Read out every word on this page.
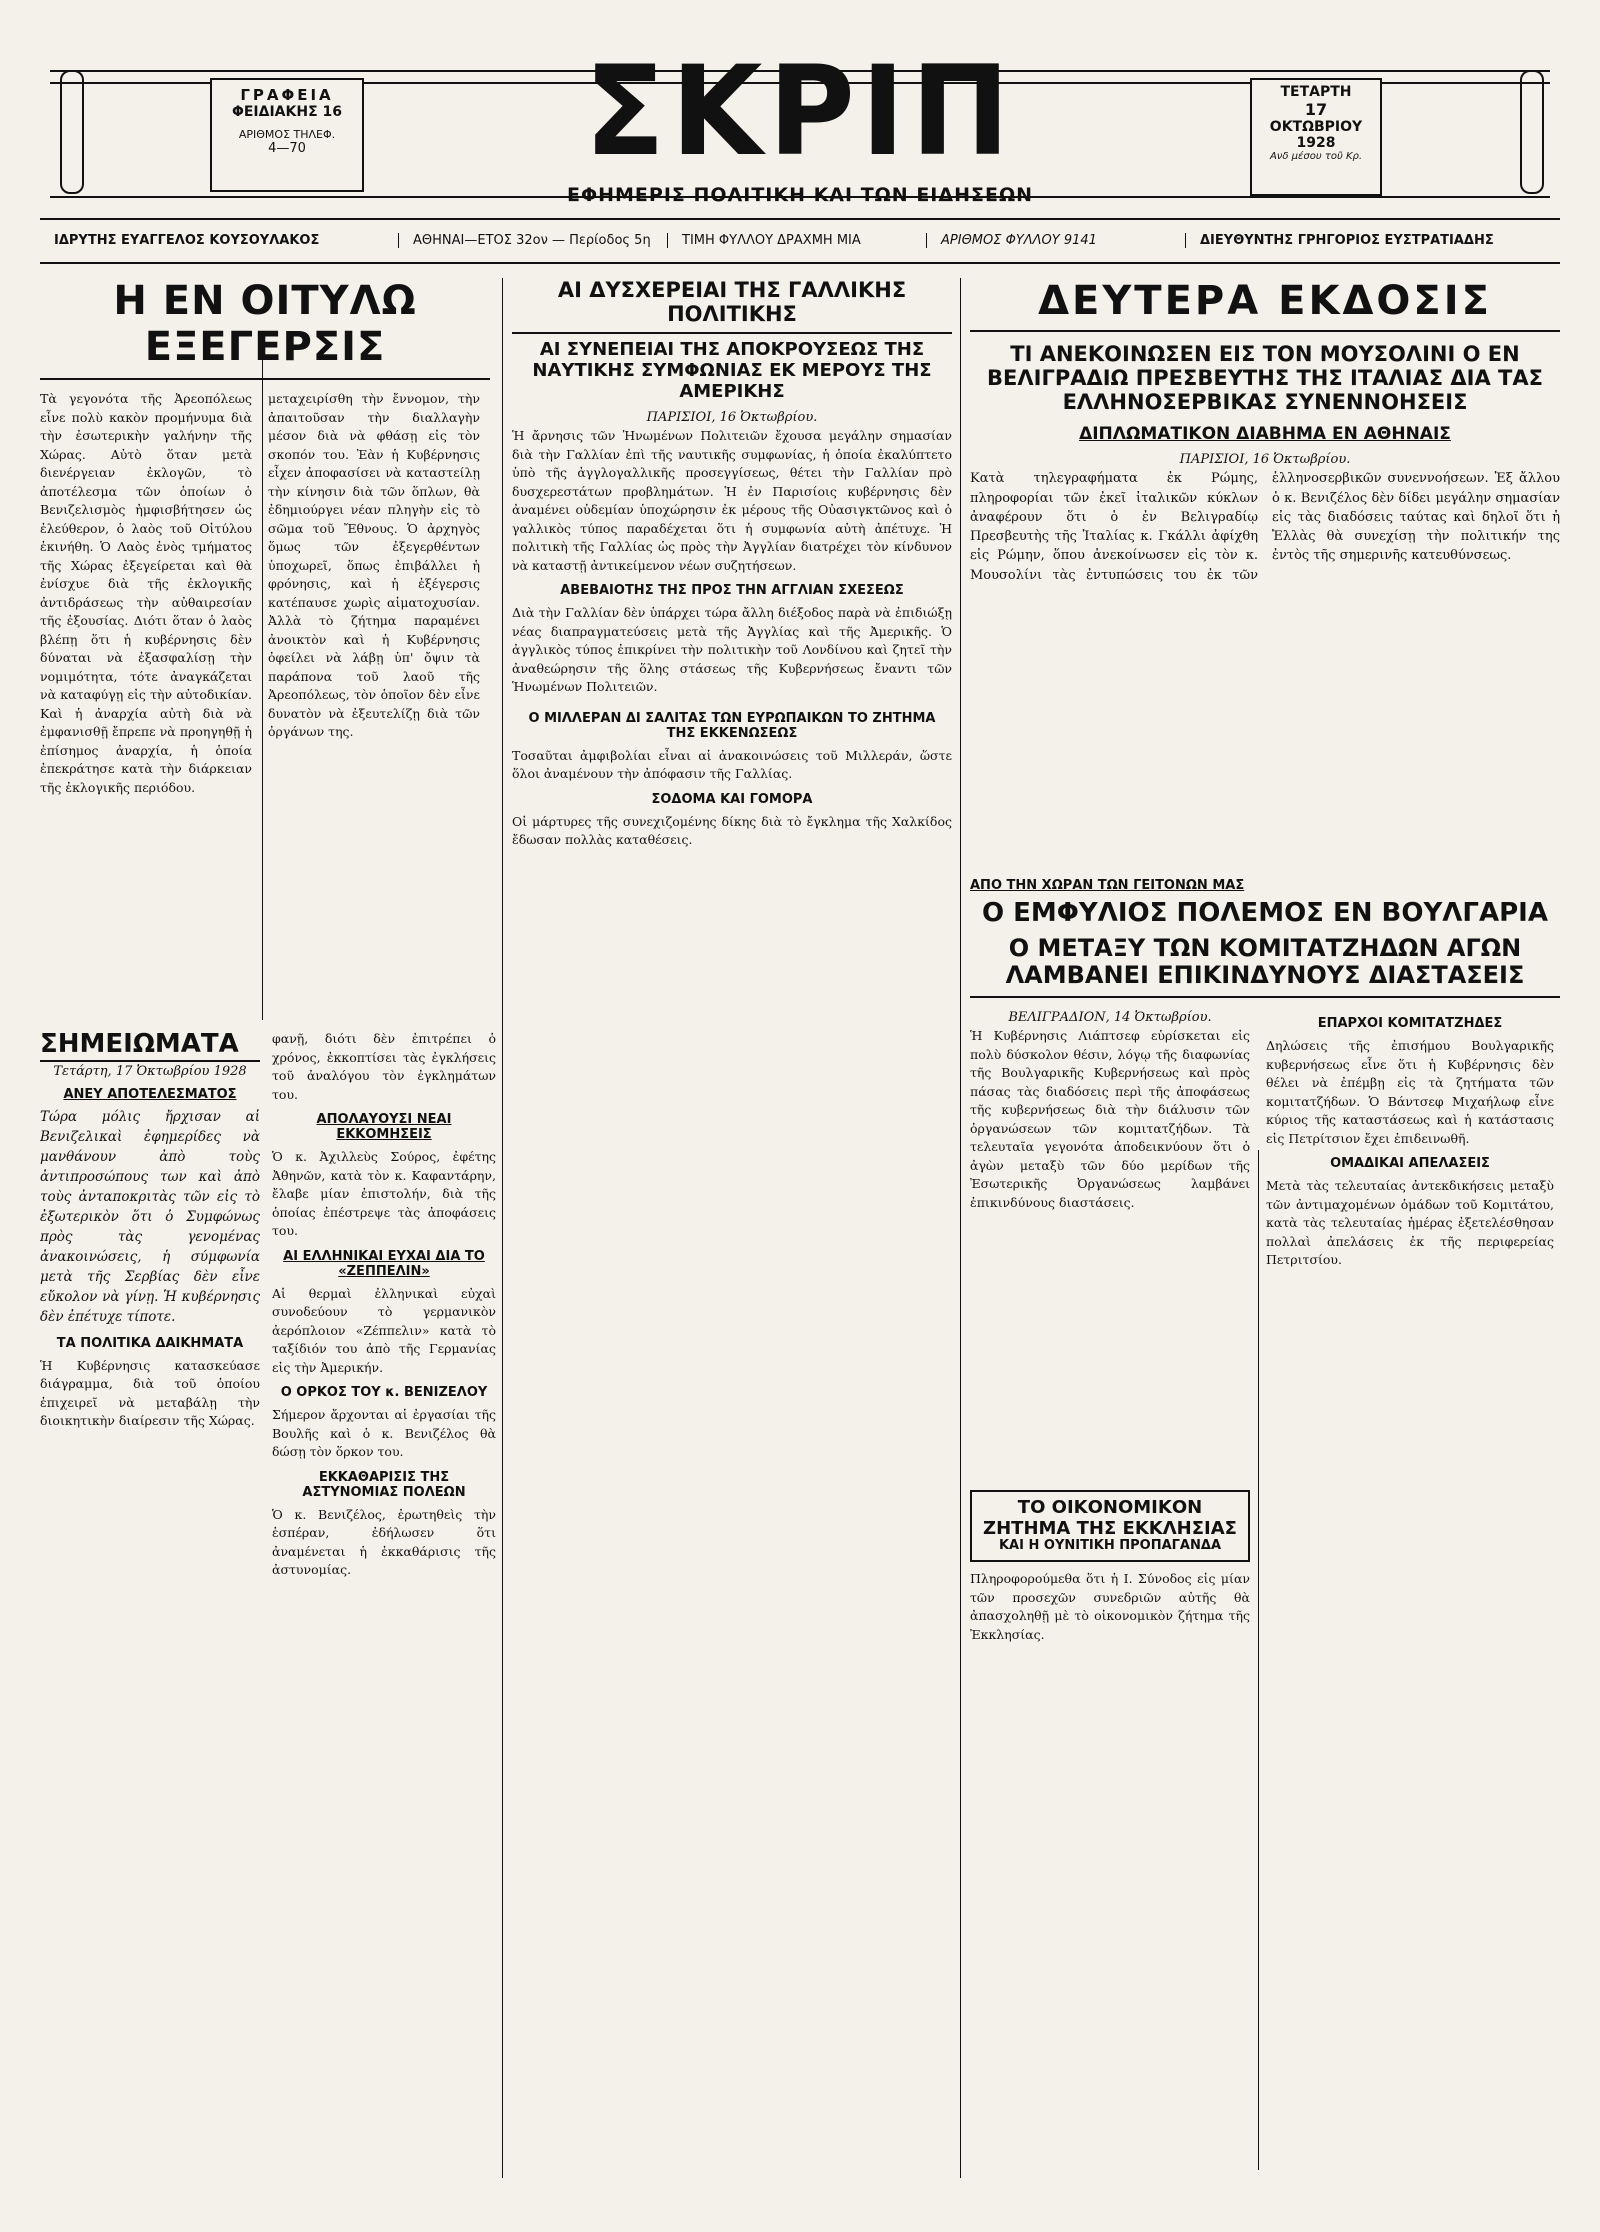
ΓΡΑΦΕΙΑ
ΦΕΙΔΙΑΚΗΣ 16
ΑΡΙΘΜΟΣ ΤΗΛΕΦ.
4—70	ΣΚΡΙΠ
ΕΦΗΜΕΡΙΣ ΠΟΛΙΤΙΚΗ ΚΑΙ ΤΩΝ ΕΙΔΗΣΕΩΝ
ΤΕΤΑΡΤΗ
17
ΟΚΤΩΒΡΙΟΥ
1928
Ανδ μέσου τοῦ Κρ.
ΙΔΡΥΤΗΣ ΕΥΑΓΓΕΛΟΣ ΚΟΥΣΟΥΛΑΚΟΣ	ΑΘΗΝΑΙ—ΕΤΟΣ 32ον — Περίοδος 5η	ΤΙΜΗ ΦΥΛΛΟΥ ΔΡΑΧΜΗ ΜΙΑ	ΑΡΙΘΜΟΣ ΦΥΛΛΟΥ 9141	ΔΙΕΥΘΥΝΤΗΣ ΓΡΗΓΟΡΙΟΣ ΕΥΣΤΡΑΤΙΑΔΗΣ
Η ΕΝ ΟΙΤΥΛΩ ΕΞΕΓΕΡΣΙΣ

Τὰ γεγονότα τῆς Ἀρεοπόλεως εἶνε πολὺ κακὸν προμήνυμα διὰ τὴν ἐσωτερικὴν γαλήνην τῆς Χώρας. Αὐτὸ ὅταν μετὰ διενέργειαν ἐκλογῶν, τὸ ἀποτέλεσμα τῶν ὁποίων ὁ Βενιζελισμὸς ἠμφισβήτησεν ὡς ἐλεύθερον, ὁ λαὸς τοῦ Οἰτύλου ἐκινήθη. Ὁ Λαὸς ἐνὸς τμήματος τῆς Χώρας ἐξεγείρεται καὶ θὰ ἐνίσχυε διὰ τῆς ἐκλογικῆς ἀντιδράσεως τὴν αὐθαιρεσίαν τῆς ἐξουσίας. Διότι ὅταν ὁ λαὸς βλέπῃ ὅτι ἡ κυβέρνησις δὲν δύναται νὰ ἐξασφαλίσῃ τὴν νομιμότητα, τότε ἀναγκάζεται νὰ καταφύγῃ εἰς τὴν αὐτοδικίαν. Καὶ ἡ ἀναρχία αὐτὴ διὰ νὰ ἐμφανισθῇ ἔπρεπε νὰ προηγηθῇ ἡ ἐπίσημος ἀναρχία, ἡ ὁποία ἐπεκράτησε κατὰ τὴν διάρκειαν τῆς ἐκλογικῆς περιόδου.

μεταχειρίσθη τὴν ἔννομον, τὴν ἀπαιτοῦσαν τὴν διαλλαγὴν μέσον διὰ νὰ φθάσῃ εἰς τὸν σκοπόν του. Ἐὰν ἡ Κυβέρνησις εἶχεν ἀποφασίσει νὰ καταστείλῃ τὴν κίνησιν διὰ τῶν ὅπλων, θὰ ἐδημιούργει νέαν πληγὴν εἰς τὸ σῶμα τοῦ Ἔθνους. Ὁ ἀρχηγὸς ὅμως τῶν ἐξεγερθέντων ὑποχωρεῖ, ὅπως ἐπιβάλλει ἡ φρόνησις, καὶ ἡ ἐξέγερσις κατέπαυσε χωρὶς αἱματοχυσίαν. Ἀλλὰ τὸ ζήτημα παραμένει ἀνοικτὸν καὶ ἡ Κυβέρνησις ὀφείλει νὰ λάβῃ ὑπ' ὄψιν τὰ παράπονα τοῦ λαοῦ τῆς Ἀρεοπόλεως, τὸν ὁποῖον δὲν εἶνε δυνατὸν νὰ ἐξευτελίζῃ διὰ τῶν ὀργάνων της.

ΣΗΜΕΙΩΜΑΤΑ
Τετάρτη, 17 Ὀκτωβρίου 1928
ΑΝΕΥ ΑΠΟΤΕΛΕΣΜΑΤΟΣ

Τώρα μόλις ἤρχισαν αἱ Βενιζελικαὶ ἐφημερίδες νὰ μανθάνουν ἀπὸ τοὺς ἀντιπροσώπους των καὶ ἀπὸ τοὺς ἀνταποκριτὰς τῶν εἰς τὸ ἐξωτερικὸν ὅτι ὁ Συμφώνως πρὸς τὰς γενομένας ἀνακοινώσεις, ἡ σύμφωνία μετὰ τῆς Σερβίας δὲν εἶνε εὔκολον νὰ γίνῃ. Ἡ κυβέρνησις δὲν ἐπέτυχε τίποτε.

ΤΑ ΠΟΛΙΤΙΚΑ ΔΑΙΚΗΜΑΤΑ

Ἡ Κυβέρνησις κατασκεύασε διάγραμμα, διὰ τοῦ ὁποίου ἐπιχειρεῖ νὰ μεταβάλῃ τὴν διοικητικὴν διαίρεσιν τῆς Χώρας.

φανῇ, διότι δὲν ἐπιτρέπει ὁ χρόνος, ἐκκοπτίσει τὰς ἐγκλήσεις τοῦ ἀναλόγου τὸν ἐγκλημάτων του.

ΑΠΟΛΑΥΟΥΣΙ ΝΕΑΙ ΕΚΚΟΜΗΣΕΙΣ

Ὁ κ. Ἀχιλλεὺς Σούρος, ἐφέτης Ἀθηνῶν, κατὰ τὸν κ. Καφαντάρην, ἔλαβε μίαν ἐπιστολήν, διὰ τῆς ὁποίας ἐπέστρεψε τὰς ἀποφάσεις του.

ΑΙ ΕΛΛΗΝΙΚΑΙ ΕΥΧΑΙ ΔΙΑ ΤΟ «ΖΕΠΠΕΛΙΝ»

Αἱ θερμαὶ ἐλληνικαὶ εὐχαὶ συνοδεύουν τὸ γερμανικὸν ἀερόπλοιον «Ζέππελιν» κατὰ τὸ ταξίδιόν του ἀπὸ τῆς Γερμανίας εἰς τὴν Ἀμερικήν.

Ο ΟΡΚΟΣ ΤΟΥ κ. ΒΕΝΙΖΕΛΟΥ

Σήμερον ἄρχονται αἱ ἐργασίαι τῆς Βουλῆς καὶ ὁ κ. Βενιζέλος θὰ δώσῃ τὸν ὅρκον του.

ΕΚΚΑΘΑΡΙΣΙΣ ΤΗΣ ΑΣΤΥΝΟΜΙΑΣ ΠΟΛΕΩΝ

Ὁ κ. Βενιζέλος, ἐρωτηθεὶς τὴν ἑσπέραν, ἐδήλωσεν ὅτι ἀναμένεται ἡ ἐκκαθάρισις τῆς ἀστυνομίας.

ΑΙ ΔΥΣΧΕΡΕΙΑΙ ΤΗΣ ΓΑΛΛΙΚΗΣ ΠΟΛΙΤΙΚΗΣ
ΑΙ ΣΥΝΕΠΕΙΑΙ ΤΗΣ ΑΠΟΚΡΟΥΣΕΩΣ ΤΗΣ ΝΑΥΤΙΚΗΣ ΣΥΜΦΩΝΙΑΣ ΕΚ ΜΕΡΟΥΣ ΤΗΣ ΑΜΕΡΙΚΗΣ
ΠΑΡΙΣΙΟΙ, 16 Ὀκτωβρίου.

Ἡ ἄρνησις τῶν Ἡνωμένων Πολιτειῶν ἔχουσα μεγάλην σημασίαν διὰ τὴν Γαλλίαν ἐπὶ τῆς ναυτικῆς συμφωνίας, ἡ ὁποία ἐκαλύπτετο ὑπὸ τῆς ἀγγλογαλλικῆς προσεγγίσεως, θέτει τὴν Γαλλίαν πρὸ δυσχερεστάτων προβλημάτων. Ἡ ἐν Παρισίοις κυβέρνησις δὲν ἀναμένει οὐδεμίαν ὑποχώρησιν ἐκ μέρους τῆς Οὐασιγκτῶνος καὶ ὁ γαλλικὸς τύπος παραδέχεται ὅτι ἡ συμφωνία αὐτὴ ἀπέτυχε. Ἡ πολιτικὴ τῆς Γαλλίας ὡς πρὸς τὴν Ἀγγλίαν διατρέχει τὸν κίνδυνον νὰ καταστῇ ἀντικείμενον νέων συζητήσεων.

ΑΒΕΒΑΙΟΤΗΣ ΤΗΣ ΠΡΟΣ ΤΗΝ ΑΓΓΛΙΑΝ ΣΧΕΣΕΩΣ

Διὰ τὴν Γαλλίαν δὲν ὑπάρχει τώρα ἄλλη διέξοδος παρὰ νὰ ἐπιδιώξῃ νέας διαπραγματεύσεις μετὰ τῆς Ἀγγλίας καὶ τῆς Ἀμερικῆς. Ὁ ἀγγλικὸς τύπος ἐπικρίνει τὴν πολιτικὴν τοῦ Λονδίνου καὶ ζητεῖ τὴν ἀναθεώρησιν τῆς ὅλης στάσεως τῆς Κυβερνήσεως ἔναντι τῶν Ἡνωμένων Πολιτειῶν.

Ο ΜΙΛΛΕΡΑΝ ΔΙ ΣΑΛΙΤΑΣ ΤΩΝ ΕΥΡΩΠΑΙΚΩΝ ΤΟ ΖΗΤΗΜΑ ΤΗΣ ΕΚΚΕΝΩΣΕΩΣ

Τοσαῦται ἀμφιβολίαι εἶναι αἱ ἀνακοινώσεις τοῦ Μιλλεράν, ὥστε ὅλοι ἀναμένουν τὴν ἀπόφασιν τῆς Γαλλίας.

ΣΟΔΟΜΑ ΚΑΙ ΓΟΜΟΡΑ

Οἱ μάρτυρες τῆς συνεχιζομένης δίκης διὰ τὸ ἔγκλημα τῆς Χαλκίδος ἔδωσαν πολλὰς καταθέσεις.

ΔΕΥΤΕΡΑ ΕΚΔΟΣΙΣ
ΤΙ ΑΝΕΚΟΙΝΩΣΕΝ ΕΙΣ ΤΟΝ ΜΟΥΣΟΛΙΝΙ Ο ΕΝ ΒΕΛΙΓΡΑΔΙΩ ΠΡΕΣΒΕΥΤΗΣ ΤΗΣ ΙΤΑΛΙΑΣ ΔΙΑ ΤΑΣ ΕΛΛΗΝΟΣΕΡΒΙΚΑΣ ΣΥΝΕΝΝΟΗΣΕΙΣ
ΔΙΠΛΩΜΑΤΙΚΟΝ ΔΙΑΒΗΜΑ ΕΝ ΑΘΗΝΑΙΣ
ΠΑΡΙΣΙΟΙ, 16 Ὀκτωβρίου.

Κατὰ τηλεγραφήματα ἐκ Ρώμης, πληροφορίαι τῶν ἐκεῖ ἰταλικῶν κύκλων ἀναφέρουν ὅτι ὁ ἐν Βελιγραδίῳ Πρεσβευτὴς τῆς Ἰταλίας κ. Γκάλλι ἀφίχθη εἰς Ρώμην, ὅπου ἀνεκοίνωσεν εἰς τὸν κ. Μουσολίνι τὰς ἐντυπώσεις του ἐκ τῶν ἑλληνοσερβικῶν συνεννοήσεων. Ἐξ ἄλλου ὁ κ. Βενιζέλος δὲν δίδει μεγάλην σημασίαν εἰς τὰς διαδόσεις ταύτας καὶ δηλοῖ ὅτι ἡ Ἑλλὰς θὰ συνεχίσῃ τὴν πολιτικήν της ἐντὸς τῆς σημερινῆς κατευθύνσεως.

ΑΠΟ ΤΗΝ ΧΩΡΑΝ ΤΩΝ ΓΕΙΤΟΝΩΝ ΜΑΣ
Ο ΕΜΦΥΛΙΟΣ ΠΟΛΕΜΟΣ ΕΝ ΒΟΥΛΓΑΡΙΑ
Ο ΜΕΤΑΞΥ ΤΩΝ ΚΟΜΙΤΑΤΖΗΔΩΝ ΑΓΩΝ ΛΑΜΒΑΝΕΙ ΕΠΙΚΙΝΔΥΝΟΥΣ ΔΙΑΣΤΑΣΕΙΣ
ΒΕΛΙΓΡΑΔΙΟΝ, 14 Ὀκτωβρίου.

Ἡ Κυβέρνησις Λιάπτσεφ εὑρίσκεται εἰς πολὺ δύσκολον θέσιν, λόγῳ τῆς διαφωνίας τῆς Βουλγαρικῆς Κυβερνήσεως καὶ πρὸς πάσας τὰς διαδόσεις περὶ τῆς ἀποφάσεως τῆς κυβερνήσεως διὰ τὴν διάλυσιν τῶν ὀργανώσεων τῶν κομιτατζήδων. Τὰ τελευταῖα γεγονότα ἀποδεικνύουν ὅτι ὁ ἀγὼν μεταξὺ τῶν δύο μερίδων τῆς Ἐσωτερικῆς Ὀργανώσεως λαμβάνει ἐπικινδύνους διαστάσεις.

ΕΠΑΡΧΟΙ ΚΟΜΙΤΑΤΖΗΔΕΣ

Δηλώσεις τῆς ἐπισήμου Βουλγαρικῆς κυβερνήσεως εἶνε ὅτι ἡ Κυβέρνησις δὲν θέλει νὰ ἐπέμβῃ εἰς τὰ ζητήματα τῶν κομιτατζήδων. Ὁ Βάντσεφ Μιχαήλωφ εἶνε κύριος τῆς καταστάσεως καὶ ἡ κατάστασις εἰς Πετρίτσιον ἔχει ἐπιδεινωθῆ.

ΟΜΑΔΙΚΑΙ ΑΠΕΛΑΣΕΙΣ

Μετὰ τὰς τελευταίας ἀντεκδικήσεις μεταξὺ τῶν ἀντιμαχομένων ὁμάδων τοῦ Κομιτάτου, κατὰ τὰς τελευταίας ἡμέρας ἐξετελέσθησαν πολλαὶ ἀπελάσεις ἐκ τῆς περιφερείας Πετριτσίου.

ΤΟ ΟΙΚΟΝΟΜΙΚΟΝ
ΖΗΤΗΜΑ ΤΗΣ ΕΚΚΛΗΣΙΑΣ
ΚΑΙ Η ΟΥΝΙΤΙΚΗ ΠΡΟΠΑΓΑΝΔΑ

Πληροφορούμεθα ὅτι ἡ Ι. Σύνοδος εἰς μίαν τῶν προσεχῶν συνεδριῶν αὐτῆς θὰ ἀπασχοληθῇ μὲ τὸ οἰκονομικὸν ζήτημα τῆς Ἐκκλησίας.
